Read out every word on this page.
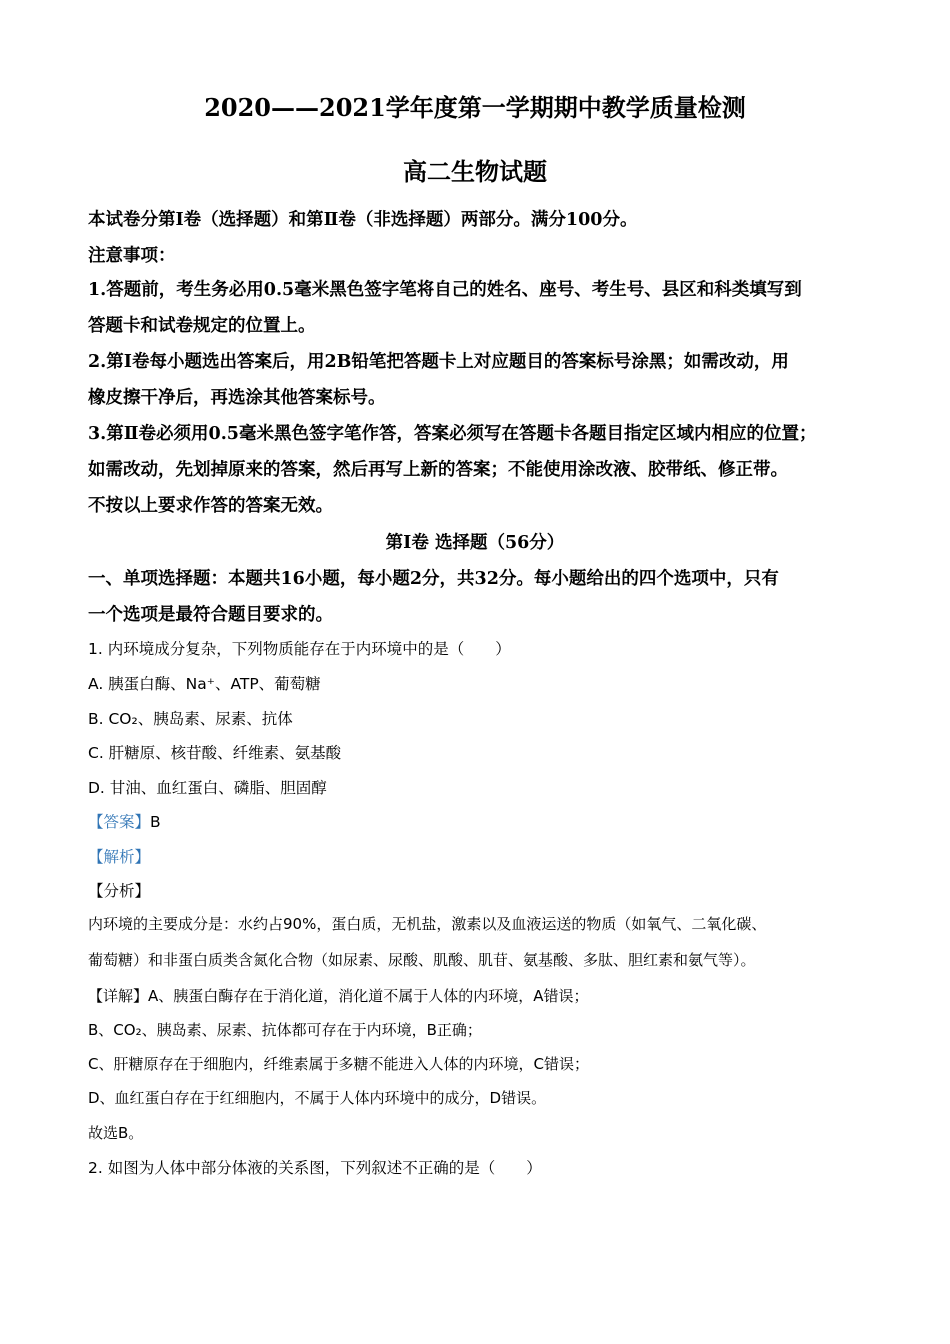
2020——2021学年度第一学期期中教学质量检测
高二生物试题
本试卷分第Ⅰ卷（选择题）和第Ⅱ卷（非选择题）两部分。满分100分。
注意事项：
1.答题前，考生务必用0.5毫米黑色签字笔将自己的姓名、座号、考生号、县区和科类填写到
答题卡和试卷规定的位置上。
2.第Ⅰ卷每小题选出答案后，用2B铅笔把答题卡上对应题目的答案标号涂黑；如需改动，用
橡皮擦干净后，再选涂其他答案标号。
3.第Ⅱ卷必须用0.5毫米黑色签字笔作答，答案必须写在答题卡各题目指定区域内相应的位置；
如需改动，先划掉原来的答案，然后再写上新的答案；不能使用涂改液、胶带纸、修正带。
不按以上要求作答的答案无效。
第Ⅰ卷 选择题（56分）
一、单项选择题：本题共16小题，每小题2分，共32分。每小题给出的四个选项中，只有
一个选项是最符合题目要求的。
1. 内环境成分复杂，下列物质能存在于内环境中的是（　　）
A. 胰蛋白酶、Na⁺、ATP、葡萄糖
B. CO₂、胰岛素、尿素、抗体
C. 肝糖原、核苷酸、纤维素、氨基酸
D. 甘油、血红蛋白、磷脂、胆固醇
【答案】B
【解析】
【分析】
内环境的主要成分是：水约占90%，蛋白质，无机盐，激素以及血液运送的物质（如氧气、二氧化碳、
葡萄糖）和非蛋白质类含氮化合物（如尿素、尿酸、肌酸、肌苷、氨基酸、多肽、胆红素和氨气等）。
【详解】A、胰蛋白酶存在于消化道，消化道不属于人体的内环境，A错误；
B、CO₂、胰岛素、尿素、抗体都可存在于内环境，B正确；
C、肝糖原存在于细胞内，纤维素属于多糖不能进入人体的内环境，C错误；
D、血红蛋白存在于红细胞内，不属于人体内环境中的成分，D错误。
故选B。
2. 如图为人体中部分体液的关系图，下列叙述不正确的是（　　）
